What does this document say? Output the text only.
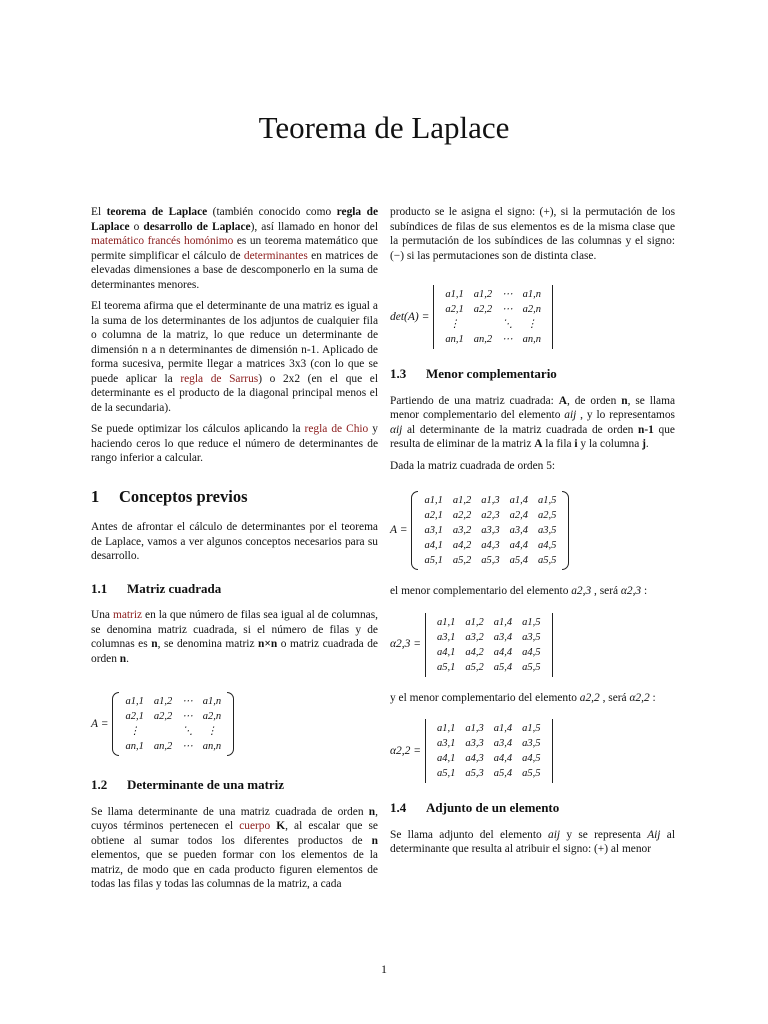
Teorema de Laplace

El teorema de Laplace (también conocido como regla de Laplace o desarrollo de Laplace), así llamado en honor del matemático francés homónimo es un teorema matemático que permite simplificar el cálculo de determinantes en matrices de elevadas dimensiones a base de descomponerlo en la suma de determinantes menores.

El teorema afirma que el determinante de una matriz es igual a la suma de los determinantes de los adjuntos de cualquier fila o columna de la matriz, lo que reduce un determinante de dimensión n a n determinantes de dimensión n-1. Aplicado de forma sucesiva, permite llegar a matrices 3x3 (con lo que se puede aplicar la regla de Sarrus) o 2x2 (en el que el determinante es el producto de la diagonal principal menos el de la secundaria).

Se puede optimizar los cálculos aplicando la regla de Chio y haciendo ceros lo que reduce el número de determinantes de rango inferior a calcular.

1 Conceptos previos

Antes de afrontar el cálculo de determinantes por el teorema de Laplace, vamos a ver algunos conceptos necesarios para su desarrollo.

1.1 Matriz cuadrada

Una matriz en la que número de filas sea igual al de columnas, se denomina matriz cuadrada, si el número de filas y de columnas es n, se denomina matriz n×n o matriz cuadrada de orden n.

A =
a1,1	a1,2	⋯	a1,n
a2,1	a2,2	⋯	a2,n
⋮		⋱	⋮
an,1	an,2	⋯	an,n
1.2 Determinante de una matriz

Se llama determinante de una matriz cuadrada de orden n, cuyos términos pertenecen el cuerpo K, al escalar que se obtiene al sumar todos los diferentes productos de n elementos, que se pueden formar con los elementos de la matriz, de modo que en cada producto figuren elementos de todas las filas y todas las columnas de la matriz, a cada

producto se le asigna el signo: (+), si la permutación de los subíndices de filas de sus elementos es de la misma clase que la permutación de los subíndices de las columnas y el signo: (−) si las permutaciones son de distinta clase.

det(A) =
a1,1	a1,2	⋯	a1,n
a2,1	a2,2	⋯	a2,n
⋮		⋱	⋮
an,1	an,2	⋯	an,n
1.3 Menor complementario

Partiendo de una matriz cuadrada: A, de orden n, se llama menor complementario del elemento aij , y lo representamos αij al determinante de la matriz cuadrada de orden n-1 que resulta de eliminar de la matriz A la fila i y la columna j.

Dada la matriz cuadrada de orden 5:

A =
a1,1	a1,2	a1,3	a1,4	a1,5
a2,1	a2,2	a2,3	a2,4	a2,5
a3,1	a3,2	a3,3	a3,4	a3,5
a4,1	a4,2	a4,3	a4,4	a4,5
a5,1	a5,2	a5,3	a5,4	a5,5

el menor complementario del elemento a2,3 , será α2,3 :

α2,3 =
a1,1	a1,2	a1,4	a1,5
a3,1	a3,2	a3,4	a3,5
a4,1	a4,2	a4,4	a4,5
a5,1	a5,2	a5,4	a5,5

y el menor complementario del elemento a2,2 , será α2,2 :

α2,2 =
a1,1	a1,3	a1,4	a1,5
a3,1	a3,3	a3,4	a3,5
a4,1	a4,3	a4,4	a4,5
a5,1	a5,3	a5,4	a5,5
1.4 Adjunto de un elemento

Se llama adjunto del elemento aij y se representa Aij al determinante que resulta al atribuir el signo: (+) al menor

1
